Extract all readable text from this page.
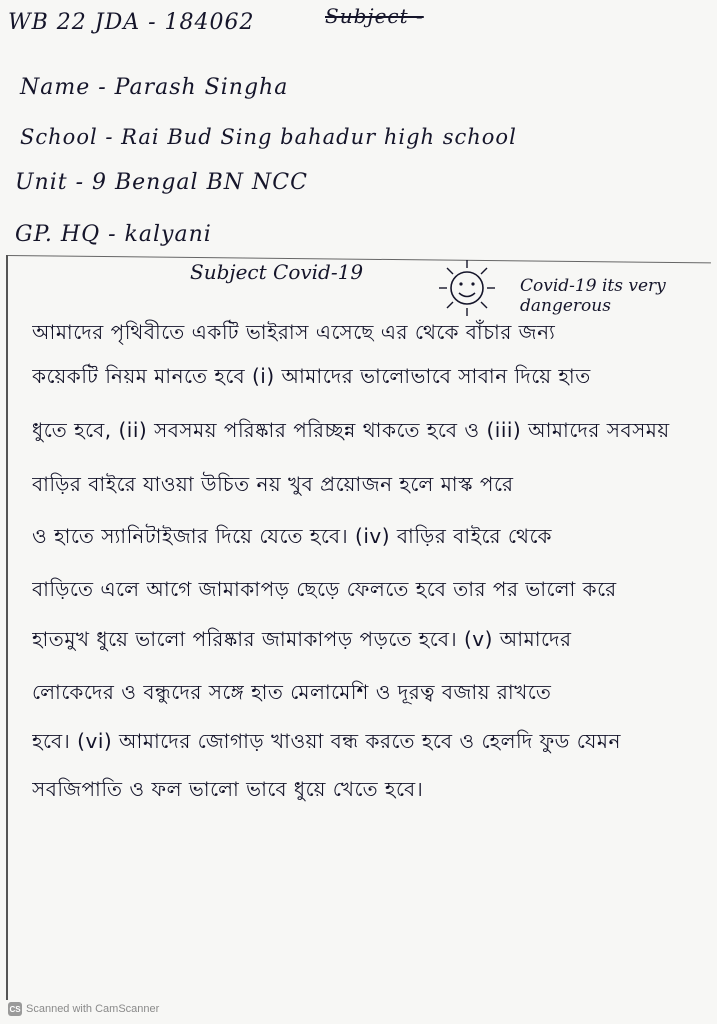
WB 22 JDA - 184062	Subject -
Name - Parash Singha
School - Rai Bud Sing bahadur high school
Unit - 9 Bengal BN NCC
GP. HQ - kalyani
Subject Covid-19
Covid-19 its very dangerous
আমাদের পৃথিবীতে একটি ভাইরাস এসেছে এর থেকে বাঁচার জন্য
কয়েকটি নিয়ম মানতে হবে (i) আমাদের ভালোভাবে সাবান দিয়ে হাত
ধুতে হবে, (ii) সবসময় পরিষ্কার পরিচ্ছন্ন থাকতে হবে ও (iii) আমাদের সবসময়
বাড়ির বাইরে যাওয়া উচিত নয় খুব প্রয়োজন হলে মাস্ক পরে
ও হাতে স্যানিটাইজার দিয়ে যেতে হবে। (iv) বাড়ির বাইরে থেকে
বাড়িতে এলে আগে জামাকাপড় ছেড়ে ফেলতে হবে তার পর ভালো করে
হাতমুখ ধুয়ে ভালো পরিষ্কার জামাকাপড় পড়তে হবে। (v) আমাদের
লোকেদের ও বন্ধুদের সঙ্গে হাত মেলামেশি ও দূরত্ব বজায় রাখতে
হবে। (vi) আমাদের জোগাড় খাওয়া বন্ধ করতে হবে ও হেলদি ফুড যেমন
সবজিপাতি ও ফল ভালো ভাবে ধুয়ে খেতে হবে।
CS Scanned with CamScanner
